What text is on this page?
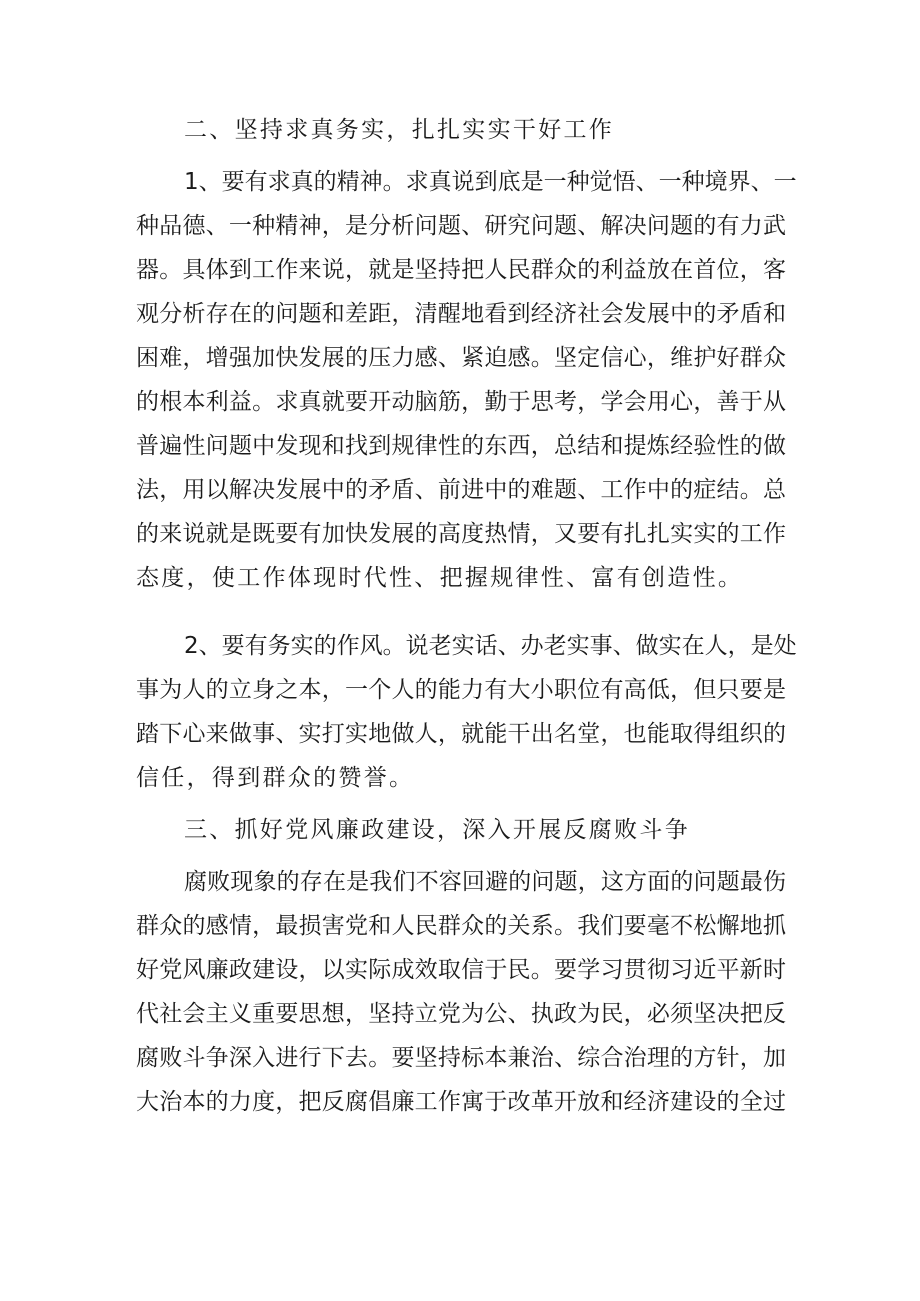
二、坚持求真务实，扎扎实实干好工作
1、要有求真的精神。求真说到底是一种觉悟、一种境界、一
种品德、一种精神，是分析问题、研究问题、解决问题的有力武
器。具体到工作来说，就是坚持把人民群众的利益放在首位，客
观分析存在的问题和差距，清醒地看到经济社会发展中的矛盾和
困难，增强加快发展的压力感、紧迫感。坚定信心，维护好群众
的根本利益。求真就要开动脑筋，勤于思考，学会用心，善于从
普遍性问题中发现和找到规律性的东西，总结和提炼经验性的做
法，用以解决发展中的矛盾、前进中的难题、工作中的症结。总
的来说就是既要有加快发展的高度热情，又要有扎扎实实的工作
态度，使工作体现时代性、把握规律性、富有创造性。
2、要有务实的作风。说老实话、办老实事、做实在人，是处
事为人的立身之本，一个人的能力有大小职位有高低，但只要是
踏下心来做事、实打实地做人，就能干出名堂，也能取得组织的
信任，得到群众的赞誉。
三、抓好党风廉政建设，深入开展反腐败斗争
腐败现象的存在是我们不容回避的问题，这方面的问题最伤
群众的感情，最损害党和人民群众的关系。我们要毫不松懈地抓
好党风廉政建设，以实际成效取信于民。要学习贯彻习近平新时
代社会主义重要思想，坚持立党为公、执政为民，必须坚决把反
腐败斗争深入进行下去。要坚持标本兼治、综合治理的方针，加
大治本的力度，把反腐倡廉工作寓于改革开放和经济建设的全过
